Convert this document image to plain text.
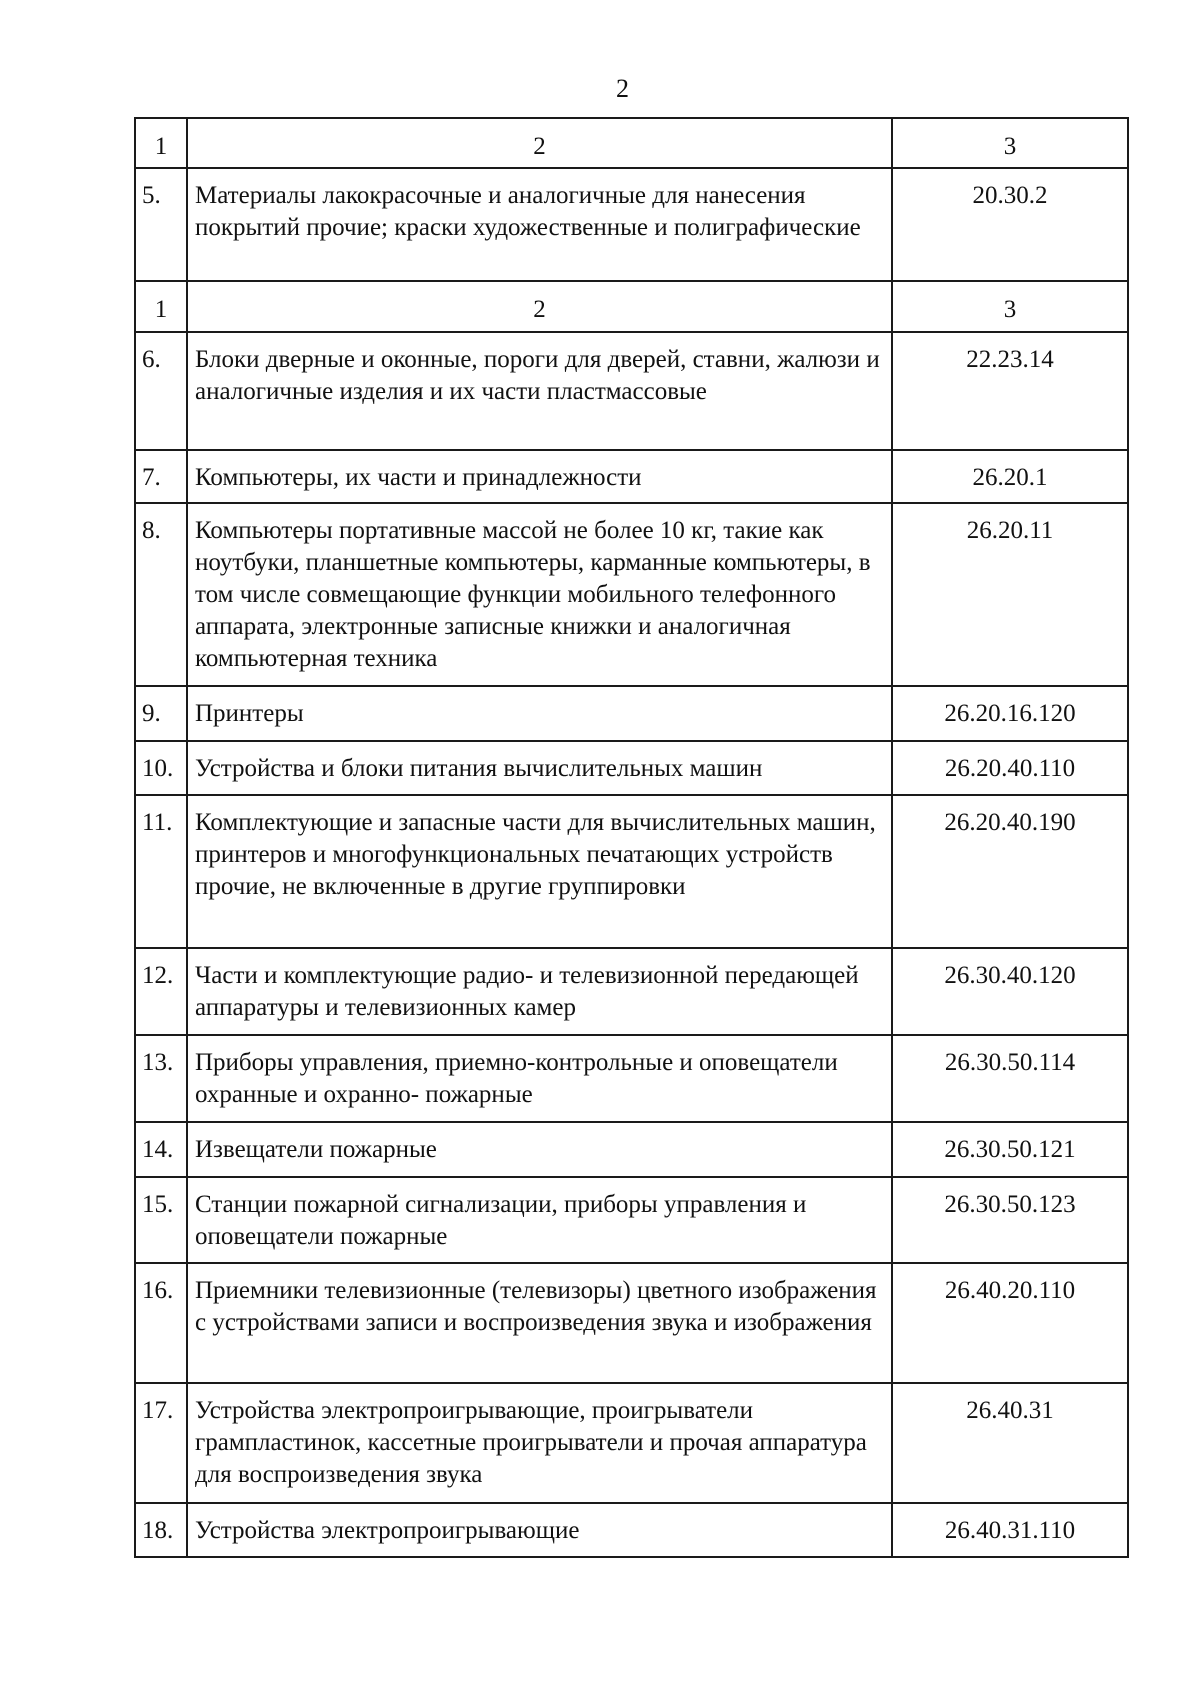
2
1	2	3
5.	Материалы лакокрасочные и аналогичные для нанесения покрытий прочие; краски художественные и полиграфические	20.30.2
1	2	3
6.	Блоки дверные и оконные, пороги для дверей, ставни, жалюзи и аналогичные изделия и их части пластмассовые	22.23.14
7.	Компьютеры, их части и принадлежности	26.20.1
8.	Компьютеры портативные массой не более 10 кг, такие как ноутбуки, планшетные компьютеры, карманные компьютеры, в том числе совмещающие функции мобильного телефонного аппарата, электронные записные книжки и аналогичная компьютерная техника	26.20.11
9.	Принтеры	26.20.16.120
10.	Устройства и блоки питания вычислительных машин	26.20.40.110
11.	Комплектующие и запасные части для вычислительных машин, принтеров и многофункциональных печатающих устройств прочие, не включенные в другие группировки	26.20.40.190
12.	Части и комплектующие радио- и телевизионной передающей аппаратуры и телевизионных камер	26.30.40.120
13.	Приборы управления, приемно-контрольные и оповещатели охранные и охранно- пожарные	26.30.50.114
14.	Извещатели пожарные	26.30.50.121
15.	Станции пожарной сигнализации, приборы управления и оповещатели пожарные	26.30.50.123
16.	Приемники телевизионные (телевизоры) цветного изображения с устройствами записи и воспроизведения звука и изображения	26.40.20.110
17.	Устройства электропроигрывающие, проигрыватели грампластинок, кассетные проигрыватели и прочая аппаратура для воспроизведения звука	26.40.31
18.	Устройства электропроигрывающие	26.40.31.110
